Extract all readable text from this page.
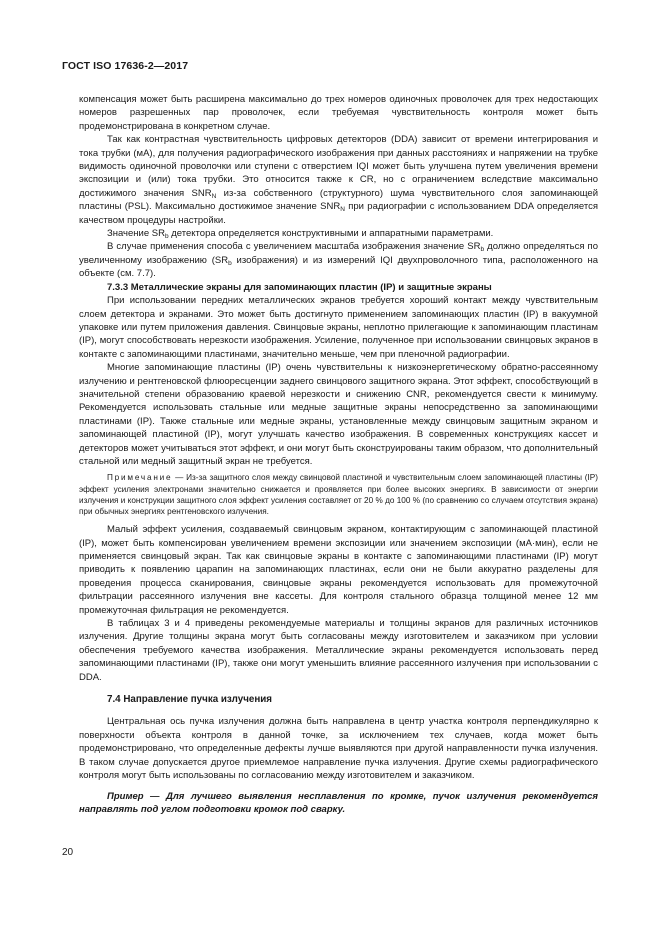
ГОСТ ISO 17636-2—2017

компенсация может быть расширена максимально до трех номеров одиночных проволочек для трех недостающих номеров разрешенных пар проволочек, если требуемая чувствительность контроля может быть продемонстрирована в конкретном случае.

Так как контрастная чувствительность цифровых детекторов (DDA) зависит от времени интегрирования и тока трубки (мА), для получения радиографического изображения при данных расстояниях и напряжении на трубке видимость одиночной проволочки или ступени с отверстием IQI может быть улучшена путем увеличения времени экспозиции и (или) тока трубки. Это относится также к CR, но с ограничением вследствие максимально достижимого значения $SNR_N$ из-за собственного (структурного) шума чувствительного слоя запоминающей пластины (PSL). Максимально достижимое значение $SNR_N$ при радиографии с использованием DDA определяется качеством процедуры настройки.

Значение $SR_b$ детектора определяется конструктивными и аппаратными параметрами.

В случае применения способа с увеличением масштаба изображения значение $SR_b$ должно определяться по увеличенному изображению ($SR_b$ изображения) и из измерений IQI двухпроволочного типа, расположенного на объекте (см. 7.7).

7.3.3 Металлические экраны для запоминающих пластин (IP) и защитные экраны

При использовании передних металлических экранов требуется хороший контакт между чувствительным слоем детектора и экранами. Это может быть достигнуто применением запоминающих пластин (IP) в вакуумной упаковке или путем приложения давления. Свинцовые экраны, неплотно прилегающие к запоминающим пластинам (IP), могут способствовать нерезкости изображения. Усиление, полученное при использовании свинцовых экранов в контакте с запоминающими пластинами, значительно меньше, чем при пленочной радиографии.

Многие запоминающие пластины (IP) очень чувствительны к низкоэнергетическому обратно-рассеянному излучению и рентгеновской флюоресценции заднего свинцового защитного экрана. Этот эффект, способствующий в значительной степени образованию краевой нерезкости и снижению CNR, рекомендуется свести к минимуму. Рекомендуется использовать стальные или медные защитные экраны непосредственно за запоминающими пластинами (IP). Также стальные или медные экраны, установленные между свинцовым защитным экраном и запоминающей пластиной (IP), могут улучшать качество изображения. В современных конструкциях кассет и детекторов может учитываться этот эффект, и они могут быть сконструированы таким образом, что дополнительный стальной или медный защитный экран не требуется.

Примечание — Из-за защитного слоя между свинцовой пластиной и чувствительным слоем запоминающей пластины (IP) эффект усиления электронами значительно снижается и проявляется при более высоких энергиях. В зависимости от энергии излучения и конструкции защитного слоя эффект усиления составляет от 20 % до 100 % (по сравнению со случаем отсутствия экрана) при обычных энергиях рентгеновского излучения.

Малый эффект усиления, создаваемый свинцовым экраном, контактирующим с запоминающей пластиной (IP), может быть компенсирован увеличением времени экспозиции или значением экспозиции (мА·мин), если не применяется свинцовый экран. Так как свинцовые экраны в контакте с запоминающими пластинами (IP) могут приводить к появлению царапин на запоминающих пластинах, если они не были аккуратно разделены для проведения процесса сканирования, свинцовые экраны рекомендуется использовать для промежуточной фильтрации рассеянного излучения вне кассеты. Для контроля стального образца толщиной менее 12 мм промежуточная фильтрация не рекомендуется.

В таблицах 3 и 4 приведены рекомендуемые материалы и толщины экранов для различных источников излучения. Другие толщины экрана могут быть согласованы между изготовителем и заказчиком при условии обеспечения требуемого качества изображения. Металлические экраны рекомендуется использовать перед запоминающими пластинами (IP), также они могут уменьшить влияние рассеянного излучения при использовании с DDA.

7.4 Направление пучка излучения

Центральная ось пучка излучения должна быть направлена в центр участка контроля перпендикулярно к поверхности объекта контроля в данной точке, за исключением тех случаев, когда может быть продемонстрировано, что определенные дефекты лучше выявляются при другой направленности пучка излучения. В таком случае допускается другое приемлемое направление пучка излучения. Другие схемы радиографического контроля могут быть использованы по согласованию между изготовителем и заказчиком.

Пример — Для лучшего выявления несплавления по кромке, пучок излучения рекомендуется направлять под углом подготовки кромок под сварку.

20
